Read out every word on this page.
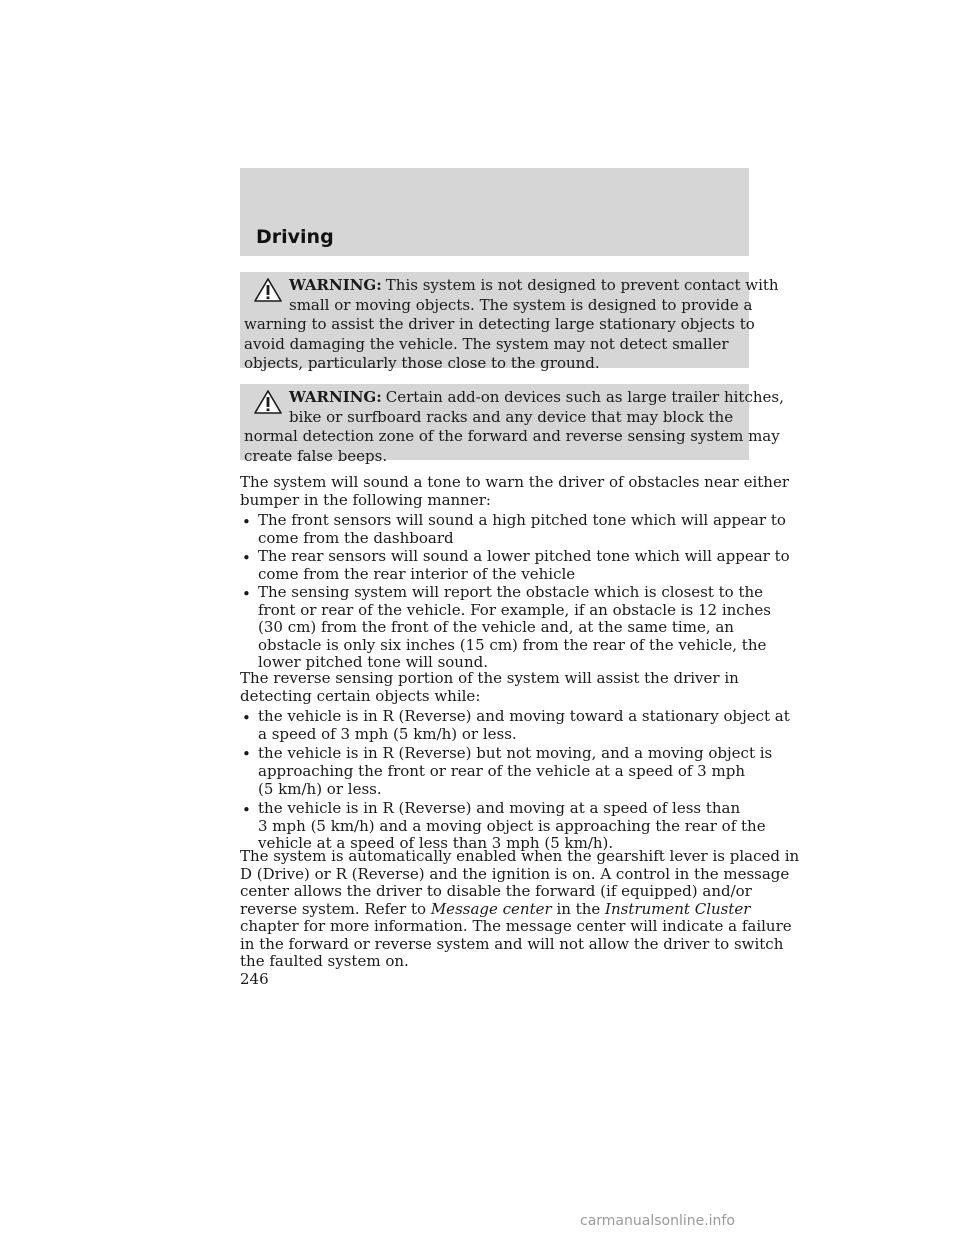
Driving
WARNING: This system is not designed to prevent contact with
small or moving objects. The system is designed to provide a
warning to assist the driver in detecting large stationary objects to
avoid damaging the vehicle. The system may not detect smaller
objects, particularly those close to the ground.
WARNING: Certain add-on devices such as large trailer hitches,
bike or surfboard racks and any device that may block the
normal detection zone of the forward and reverse sensing system may
create false beeps.
The system will sound a tone to warn the driver of obstacles near either
bumper in the following manner:
• The front sensors will sound a high pitched tone which will appear to
come from the dashboard
• The rear sensors will sound a lower pitched tone which will appear to
come from the rear interior of the vehicle
• The sensing system will report the obstacle which is closest to the
front or rear of the vehicle. For example, if an obstacle is 12 inches
(30 cm) from the front of the vehicle and, at the same time, an
obstacle is only six inches (15 cm) from the rear of the vehicle, the
lower pitched tone will sound.
The reverse sensing portion of the system will assist the driver in
detecting certain objects while:
• the vehicle is in R (Reverse) and moving toward a stationary object at
a speed of 3 mph (5 km/h) or less.
• the vehicle is in R (Reverse) but not moving, and a moving object is
approaching the front or rear of the vehicle at a speed of 3 mph
(5 km/h) or less.
• the vehicle is in R (Reverse) and moving at a speed of less than
3 mph (5 km/h) and a moving object is approaching the rear of the
vehicle at a speed of less than 3 mph (5 km/h).
The system is automatically enabled when the gearshift lever is placed in
D (Drive) or R (Reverse) and the ignition is on. A control in the message
center allows the driver to disable the forward (if equipped) and/or
reverse system. Refer to Message center in the Instrument Cluster
chapter for more information. The message center will indicate a failure
in the forward or reverse system and will not allow the driver to switch
the faulted system on.
246
carmanualsonline.info
